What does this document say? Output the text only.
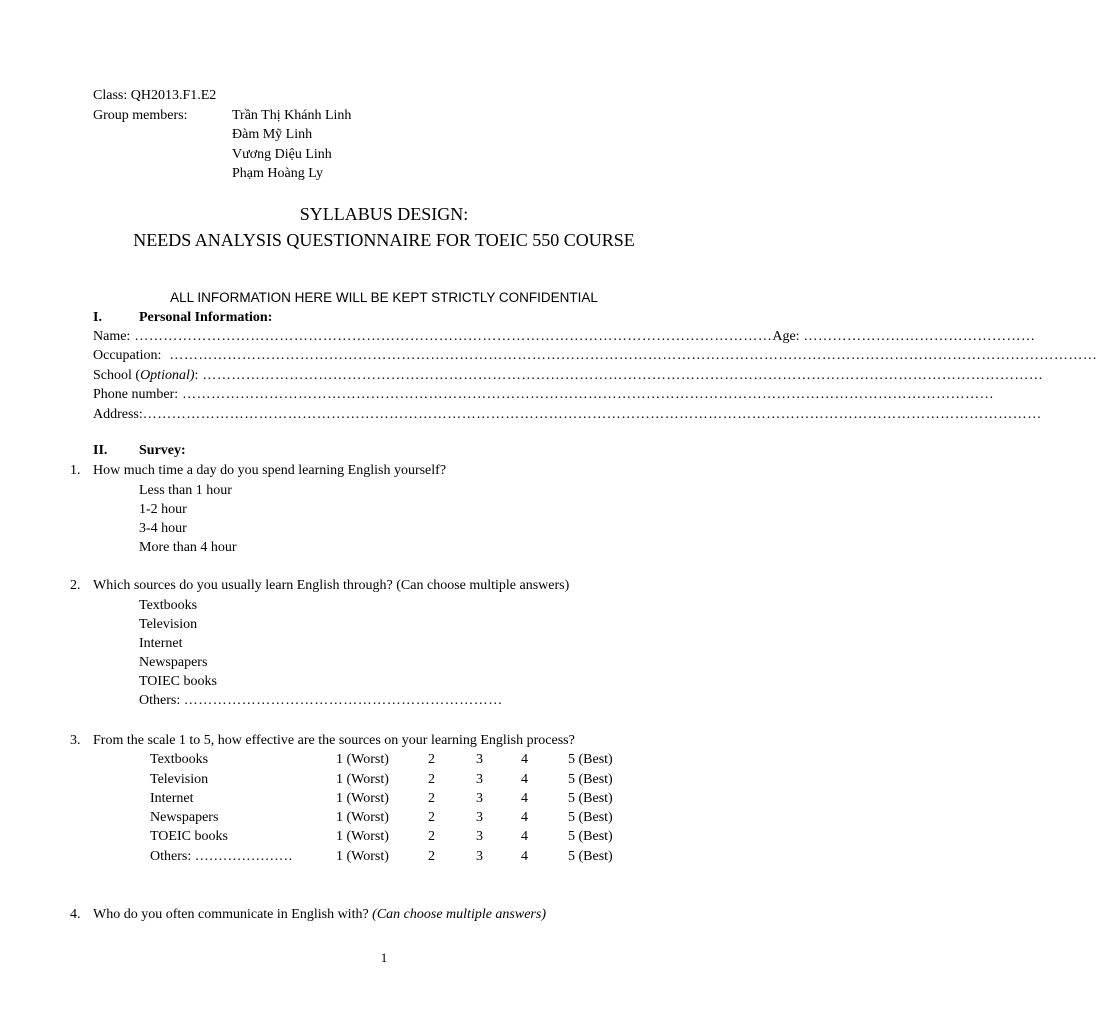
Class: QH2013.F1.E2
Group members:	Trần Thị Khánh Linh
Đàm Mỹ Linh
Vương Diệu Linh
Phạm Hoàng Ly
SYLLABUS DESIGN:
NEEDS ANALYSIS QUESTIONNAIRE FOR TOEIC 550 COURSE
ALL INFORMATION HERE WILL BE KEPT STRICTLY CONFIDENTIAL
I.	Personal Information:
Name: …………………………………………………………………………………………………………………… Age: …………………………………………
Occupation: …………………………………………………………………………………………………………………………………………………………………………
School ( Optional) : …………………………………………………………………………………………………………………………………………………………
Phone number: ……………………………………………………………………………………………………………………………………………………
Address: ……………………………………………………………………………………………………………………………………………………………………
II. Survey:
1. How much time a day do you spend learning English yourself?
Less than 1 hour
1-2 hour
3-4 hour
More than 4 hour
2. Which sources do you usually learn English through? (Can choose multiple answers)
Textbooks
Television
Internet
Newspapers
TOIEC books
Others: …………………………………………………………
3. From the scale 1 to 5, how effective are the sources on your learning English process?
Textbooks	1 (Worst)	2	3	4	5 (Best)
Television	1 (Worst)	2	3	4	5 (Best)
Internet	1 (Worst)	2	3	4	5 (Best)
Newspapers	1 (Worst)	2	3	4	5 (Best)
TOEIC books	1 (Worst)	2	3	4	5 (Best)
Others: …………………	1 (Worst)	2	3	4	5 (Best)
4. Who do you often communicate in English with? (Can choose multiple answers)
1
